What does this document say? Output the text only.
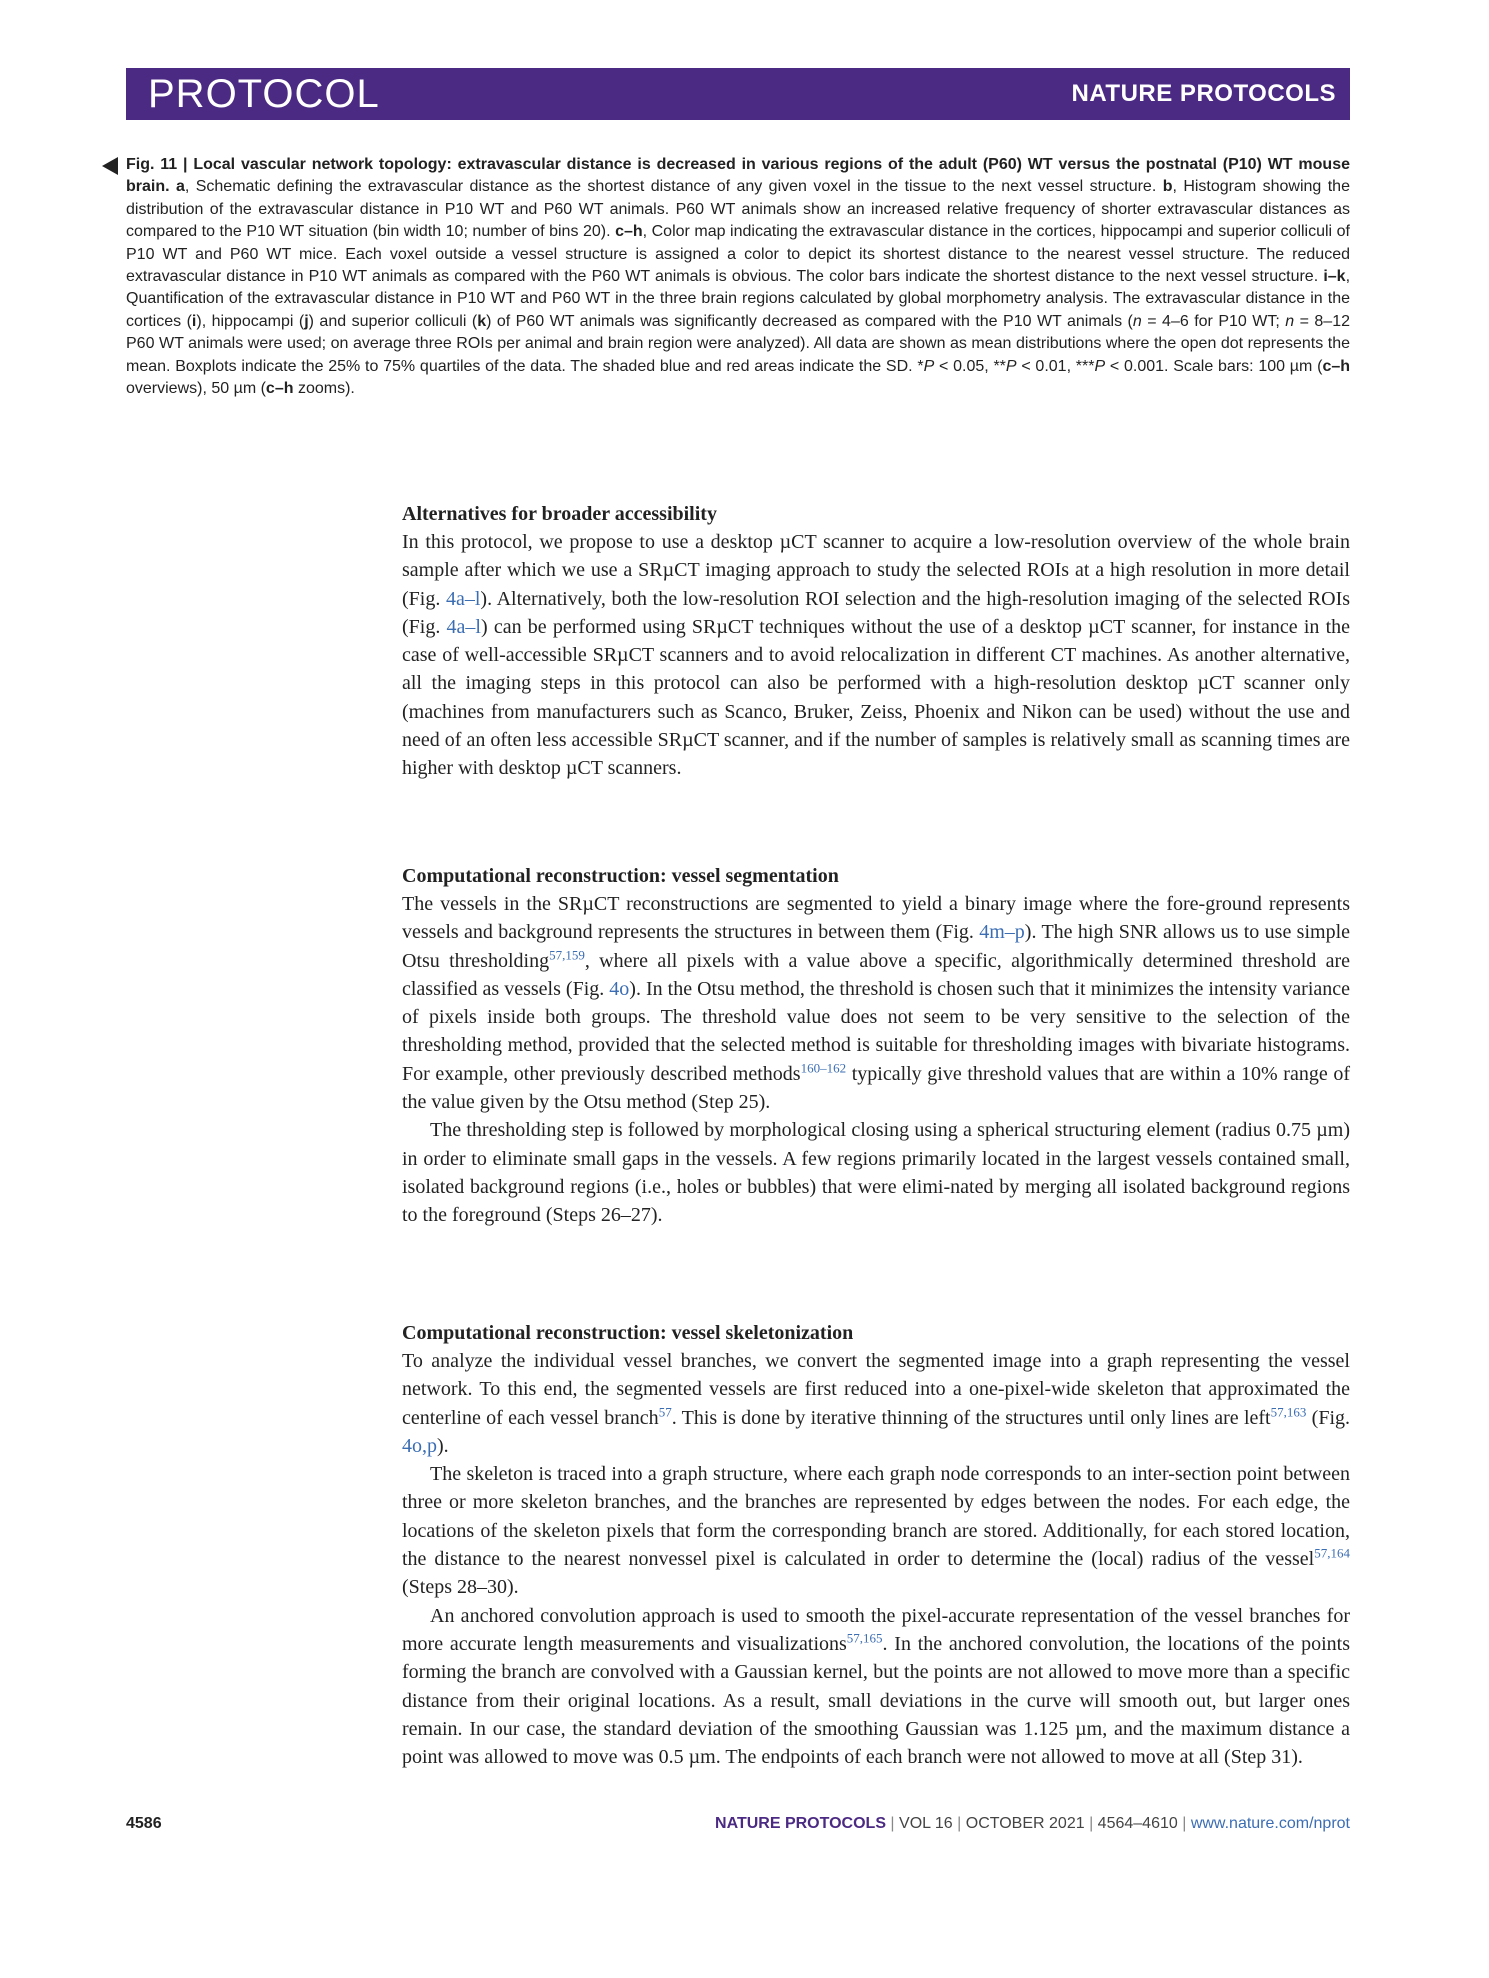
PROTOCOL	NATURE PROTOCOLS
Fig. 11 | Local vascular network topology: extravascular distance is decreased in various regions of the adult (P60) WT versus the postnatal (P10) WT mouse brain. a, Schematic defining the extravascular distance as the shortest distance of any given voxel in the tissue to the next vessel structure. b, Histogram showing the distribution of the extravascular distance in P10 WT and P60 WT animals. P60 WT animals show an increased relative frequency of shorter extravascular distances as compared to the P10 WT situation (bin width 10; number of bins 20). c–h, Color map indicating the extravascular distance in the cortices, hippocampi and superior colliculi of P10 WT and P60 WT mice. Each voxel outside a vessel structure is assigned a color to depict its shortest distance to the nearest vessel structure. The reduced extravascular distance in P10 WT animals as compared with the P60 WT animals is obvious. The color bars indicate the shortest distance to the next vessel structure. i–k, Quantification of the extravascular distance in P10 WT and P60 WT in the three brain regions calculated by global morphometry analysis. The extravascular distance in the cortices (i), hippocampi (j) and superior colliculi (k) of P60 WT animals was significantly decreased as compared with the P10 WT animals (n = 4–6 for P10 WT; n = 8–12 P60 WT animals were used; on average three ROIs per animal and brain region were analyzed). All data are shown as mean distributions where the open dot represents the mean. Boxplots indicate the 25% to 75% quartiles of the data. The shaded blue and red areas indicate the SD. *P < 0.05, **P < 0.01, ***P < 0.001. Scale bars: 100 µm (c–h overviews), 50 µm (c–h zooms).
Alternatives for broader accessibility

In this protocol, we propose to use a desktop µCT scanner to acquire a low-resolution overview of the whole brain sample after which we use a SRµCT imaging approach to study the selected ROIs at a high resolution in more detail (Fig. 4a–l). Alternatively, both the low-resolution ROI selection and the high-resolution imaging of the selected ROIs (Fig. 4a–l) can be performed using SRµCT techniques without the use of a desktop µCT scanner, for instance in the case of well-accessible SRµCT scanners and to avoid relocalization in different CT machines. As another alternative, all the imaging steps in this protocol can also be performed with a high-resolution desktop µCT scanner only (machines from manufacturers such as Scanco, Bruker, Zeiss, Phoenix and Nikon can be used) without the use and need of an often less accessible SRµCT scanner, and if the number of samples is relatively small as scanning times are higher with desktop µCT scanners.

Computational reconstruction: vessel segmentation

The vessels in the SRµCT reconstructions are segmented to yield a binary image where the fore-ground represents vessels and background represents the structures in between them (Fig. 4m–p). The high SNR allows us to use simple Otsu thresholding$^{57,159}$, where all pixels with a value above a specific, algorithmically determined threshold are classified as vessels (Fig. 4o). In the Otsu method, the threshold is chosen such that it minimizes the intensity variance of pixels inside both groups. The threshold value does not seem to be very sensitive to the selection of the thresholding method, provided that the selected method is suitable for thresholding images with bivariate histograms. For example, other previously described methods$^{160-162}$ typically give threshold values that are within a 10% range of the value given by the Otsu method (Step 25).

The thresholding step is followed by morphological closing using a spherical structuring element (radius 0.75 µm) in order to eliminate small gaps in the vessels. A few regions primarily located in the largest vessels contained small, isolated background regions (i.e., holes or bubbles) that were elimi-nated by merging all isolated background regions to the foreground (Steps 26–27).

Computational reconstruction: vessel skeletonization

To analyze the individual vessel branches, we convert the segmented image into a graph representing the vessel network. To this end, the segmented vessels are first reduced into a one-pixel-wide skeleton that approximated the centerline of each vessel branch$^{57}$. This is done by iterative thinning of the structures until only lines are left$^{57,163}$ (Fig. 4o,p).

The skeleton is traced into a graph structure, where each graph node corresponds to an inter-section point between three or more skeleton branches, and the branches are represented by edges between the nodes. For each edge, the locations of the skeleton pixels that form the corresponding branch are stored. Additionally, for each stored location, the distance to the nearest nonvessel pixel is calculated in order to determine the (local) radius of the vessel$^{57,164}$ (Steps 28–30).

An anchored convolution approach is used to smooth the pixel-accurate representation of the vessel branches for more accurate length measurements and visualizations$^{57,165}$. In the anchored convolution, the locations of the points forming the branch are convolved with a Gaussian kernel, but the points are not allowed to move more than a specific distance from their original locations. As a result, small deviations in the curve will smooth out, but larger ones remain. In our case, the standard deviation of the smoothing Gaussian was 1.125 µm, and the maximum distance a point was allowed to move was 0.5 µm. The endpoints of each branch were not allowed to move at all (Step 31).

4586	NATURE PROTOCOLS | VOL 16 | OCTOBER 2021 | 4564–4610 | www.nature.com/nprot
